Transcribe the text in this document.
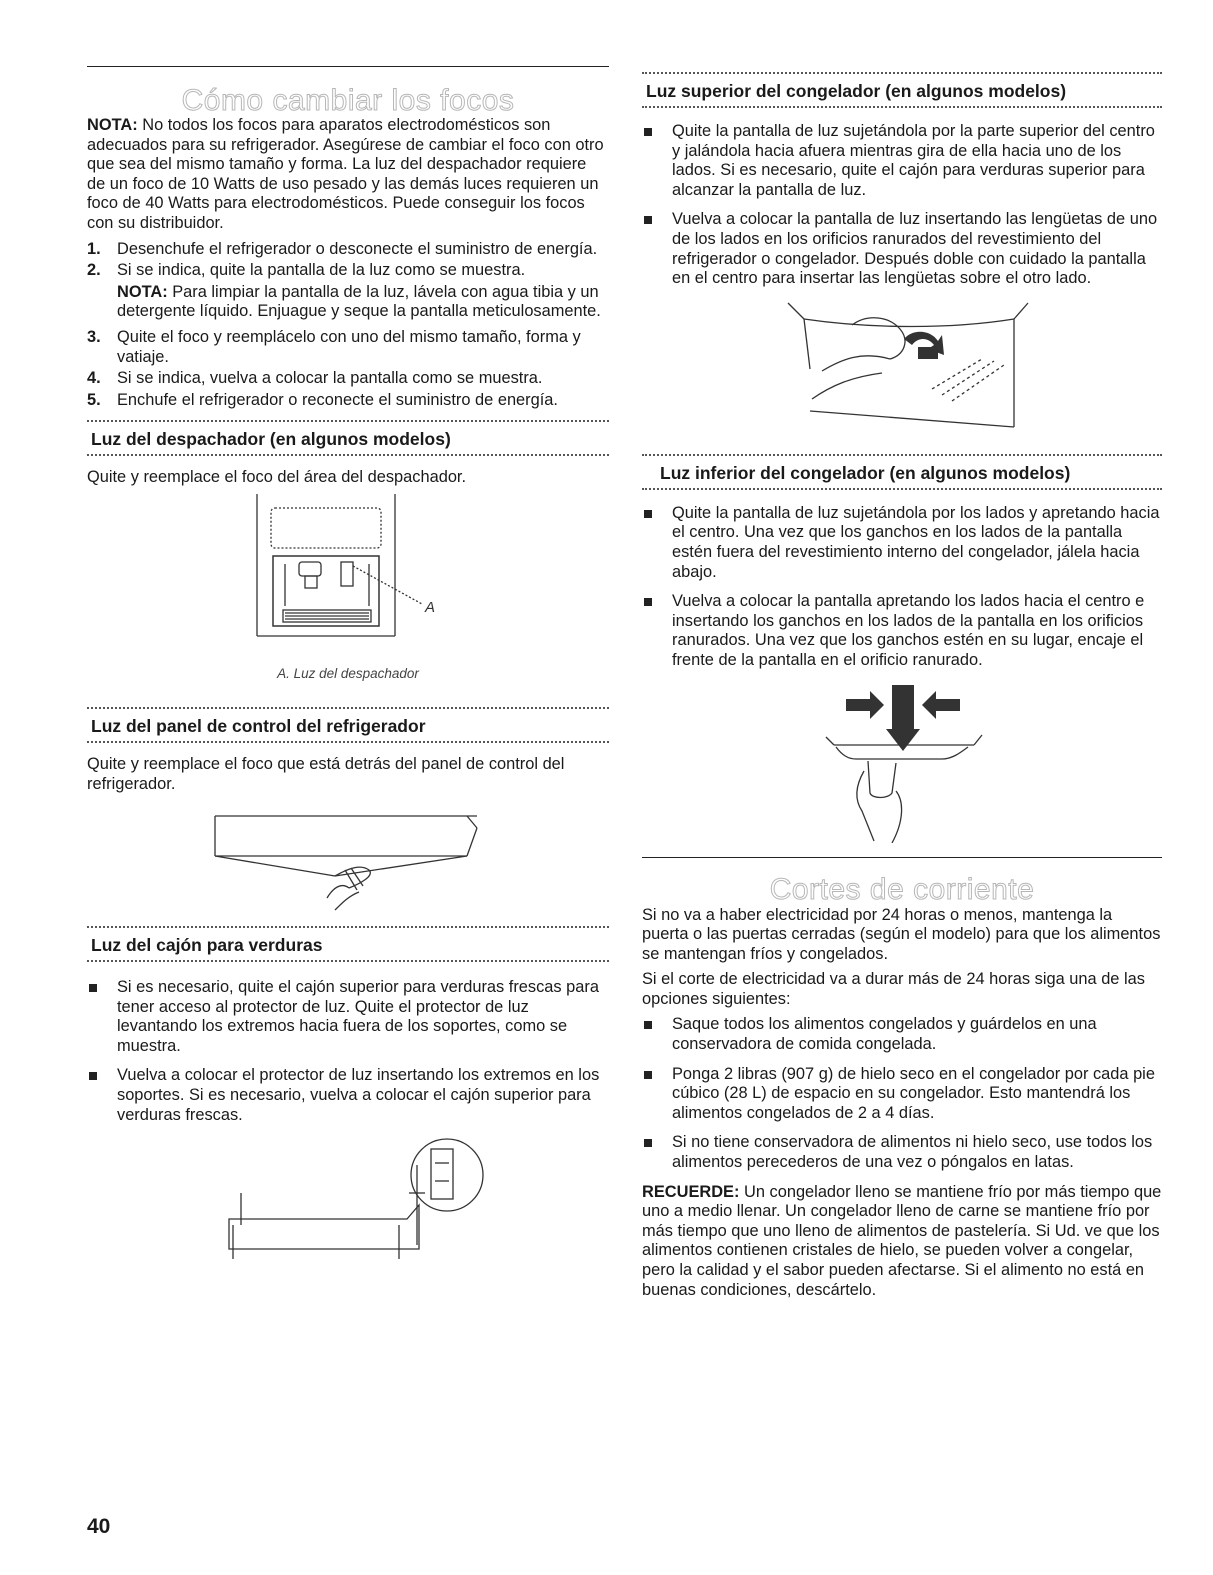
Cómo cambiar los focos

NOTA: No todos los focos para aparatos electrodomésticos son adecuados para su refrigerador. Asegúrese de cambiar el foco con otro que sea del mismo tamaño y forma. La luz del despachador requiere de un foco de 10 Watts de uso pesado y las demás luces requieren un foco de 40 Watts para electrodomésticos. Puede conseguir los focos con su distribuidor.

1. Desenchufe el refrigerador o desconecte el suministro de energía.
2. Si se indica, quite la pantalla de la luz como se muestra.

NOTA: Para limpiar la pantalla de la luz, lávela con agua tibia y un detergente líquido. Enjuague y seque la pantalla meticulosamente.

3. Quite el foco y reemplácelo con uno del mismo tamaño, forma y vatiaje.
4. Si se indica, vuelva a colocar la pantalla como se muestra.
5. Enchufe el refrigerador o reconecte el suministro de energía.
Luz del despachador (en algunos modelos)

Quite y reemplace el foco del área del despachador.

A
A. Luz del despachador
Luz del panel de control del refrigerador

Quite y reemplace el foco que está detrás del panel de control del refrigerador.

Luz del cajón para verduras
Si es necesario, quite el cajón superior para verduras frescas para tener acceso al protector de luz. Quite el protector de luz levantando los extremos hacia fuera de los soportes, como se muestra.
Vuelva a colocar el protector de luz insertando los extremos en los soportes. Si es necesario, vuelva a colocar el cajón superior para verduras frescas.
Luz superior del congelador (en algunos modelos)
Quite la pantalla de luz sujetándola por la parte superior del centro y jalándola hacia afuera mientras gira de ella hacia uno de los lados. Si es necesario, quite el cajón para verduras superior para alcanzar la pantalla de luz.
Vuelva a colocar la pantalla de luz insertando las lengüetas de uno de los lados en los orificios ranurados del revestimiento del refrigerador o congelador. Después doble con cuidado la pantalla en el centro para insertar las lengüetas sobre el otro lado.
Luz inferior del congelador (en algunos modelos)
Quite la pantalla de luz sujetándola por los lados y apretando hacia el centro. Una vez que los ganchos en los lados de la pantalla estén fuera del revestimiento interno del congelador, jálela hacia abajo.
Vuelva a colocar la pantalla apretando los lados hacia el centro e insertando los ganchos en los lados de la pantalla en los orificios ranurados. Una vez que los ganchos estén en su lugar, encaje el frente de la pantalla en el orificio ranurado.
Cortes de corriente

Si no va a haber electricidad por 24 horas o menos, mantenga la puerta o las puertas cerradas (según el modelo) para que los alimentos se mantengan fríos y congelados.

Si el corte de electricidad va a durar más de 24 horas siga una de las opciones siguientes:

Saque todos los alimentos congelados y guárdelos en una conservadora de comida congelada.
Ponga 2 libras (907 g) de hielo seco en el congelador por cada pie cúbico (28 L) de espacio en su congelador. Esto mantendrá los alimentos congelados de 2 a 4 días.
Si no tiene conservadora de alimentos ni hielo seco, use todos los alimentos perecederos de una vez o póngalos en latas.

RECUERDE: Un congelador lleno se mantiene frío por más tiempo que uno a medio llenar. Un congelador lleno de carne se mantiene frío por más tiempo que uno lleno de alimentos de pastelería. Si Ud. ve que los alimentos contienen cristales de hielo, se pueden volver a congelar, pero la calidad y el sabor pueden afectarse. Si el alimento no está en buenas condiciones, descártelo.

40
